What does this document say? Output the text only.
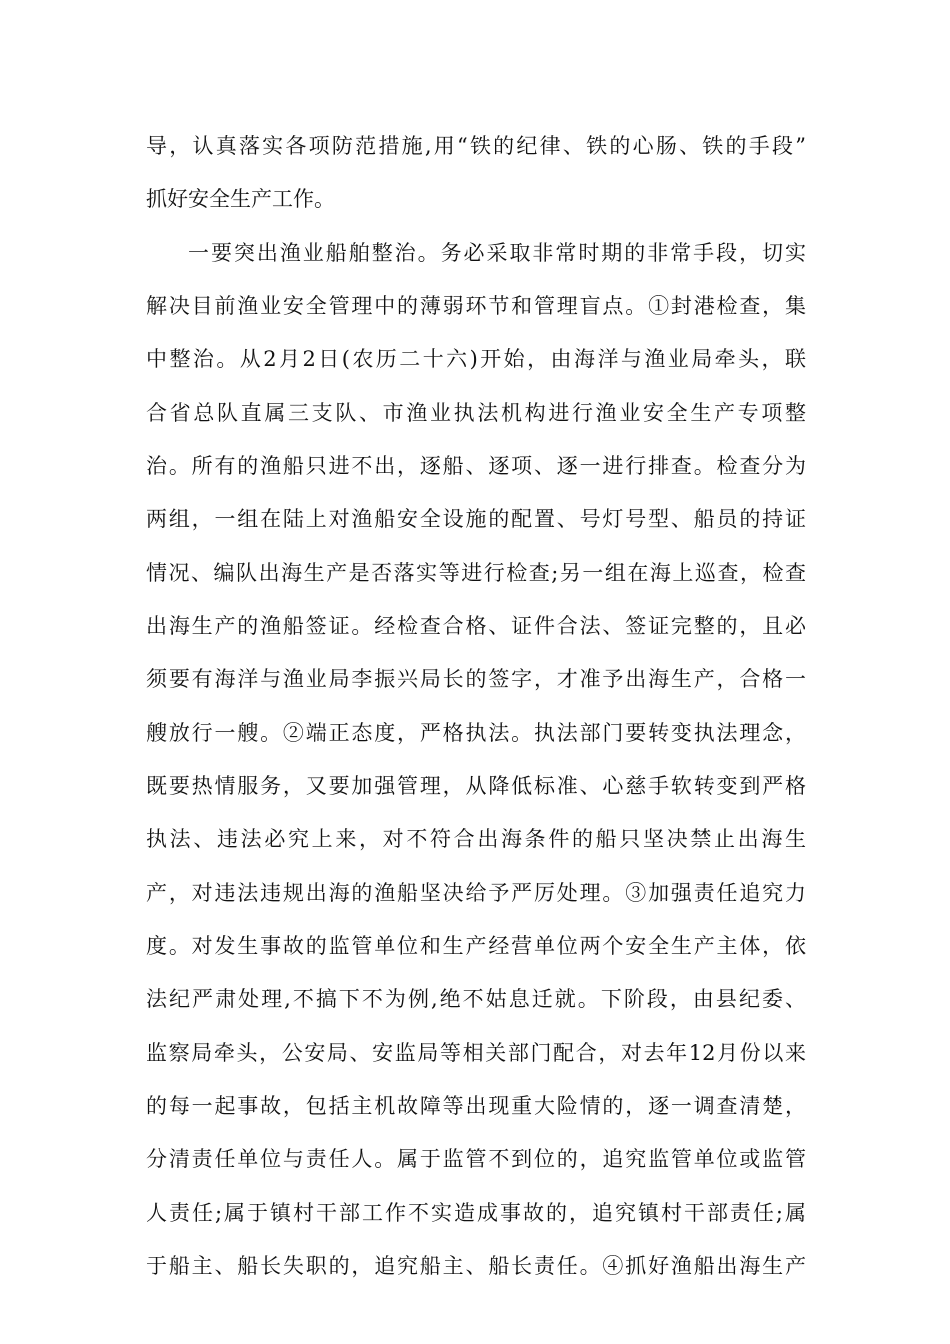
导，认真落实各项防范措施,用“铁的纪律、铁的心肠、铁的手段”
抓好安全生产工作。
一要突出渔业船舶整治。务必采取非常时期的非常手段，切实
解决目前渔业安全管理中的薄弱环节和管理盲点。①封港检查，集
中整治。从2月2日(农历二十六)开始，由海洋与渔业局牵头，联
合省总队直属三支队、市渔业执法机构进行渔业安全生产专项整
治。所有的渔船只进不出，逐船、逐项、逐一进行排查。检查分为
两组，一组在陆上对渔船安全设施的配置、号灯号型、船员的持证
情况、编队出海生产是否落实等进行检查;另一组在海上巡查，检查
出海生产的渔船签证。经检查合格、证件合法、签证完整的，且必
须要有海洋与渔业局李振兴局长的签字，才准予出海生产，合格一
艘放行一艘。②端正态度，严格执法。执法部门要转变执法理念，
既要热情服务，又要加强管理，从降低标准、心慈手软转变到严格
执法、违法必究上来，对不符合出海条件的船只坚决禁止出海生
产，对违法违规出海的渔船坚决给予严厉处理。③加强责任追究力
度。对发生事故的监管单位和生产经营单位两个安全生产主体，依
法纪严肃处理,不搞下不为例,绝不姑息迁就。下阶段，由县纪委、
监察局牵头，公安局、安监局等相关部门配合，对去年12月份以来
的每一起事故，包括主机故障等出现重大险情的，逐一调查清楚，
分清责任单位与责任人。属于监管不到位的，追究监管单位或监管
人责任;属于镇村干部工作不实造成事故的，追究镇村干部责任;属
于船主、船长失职的，追究船主、船长责任。④抓好渔船出海生产
